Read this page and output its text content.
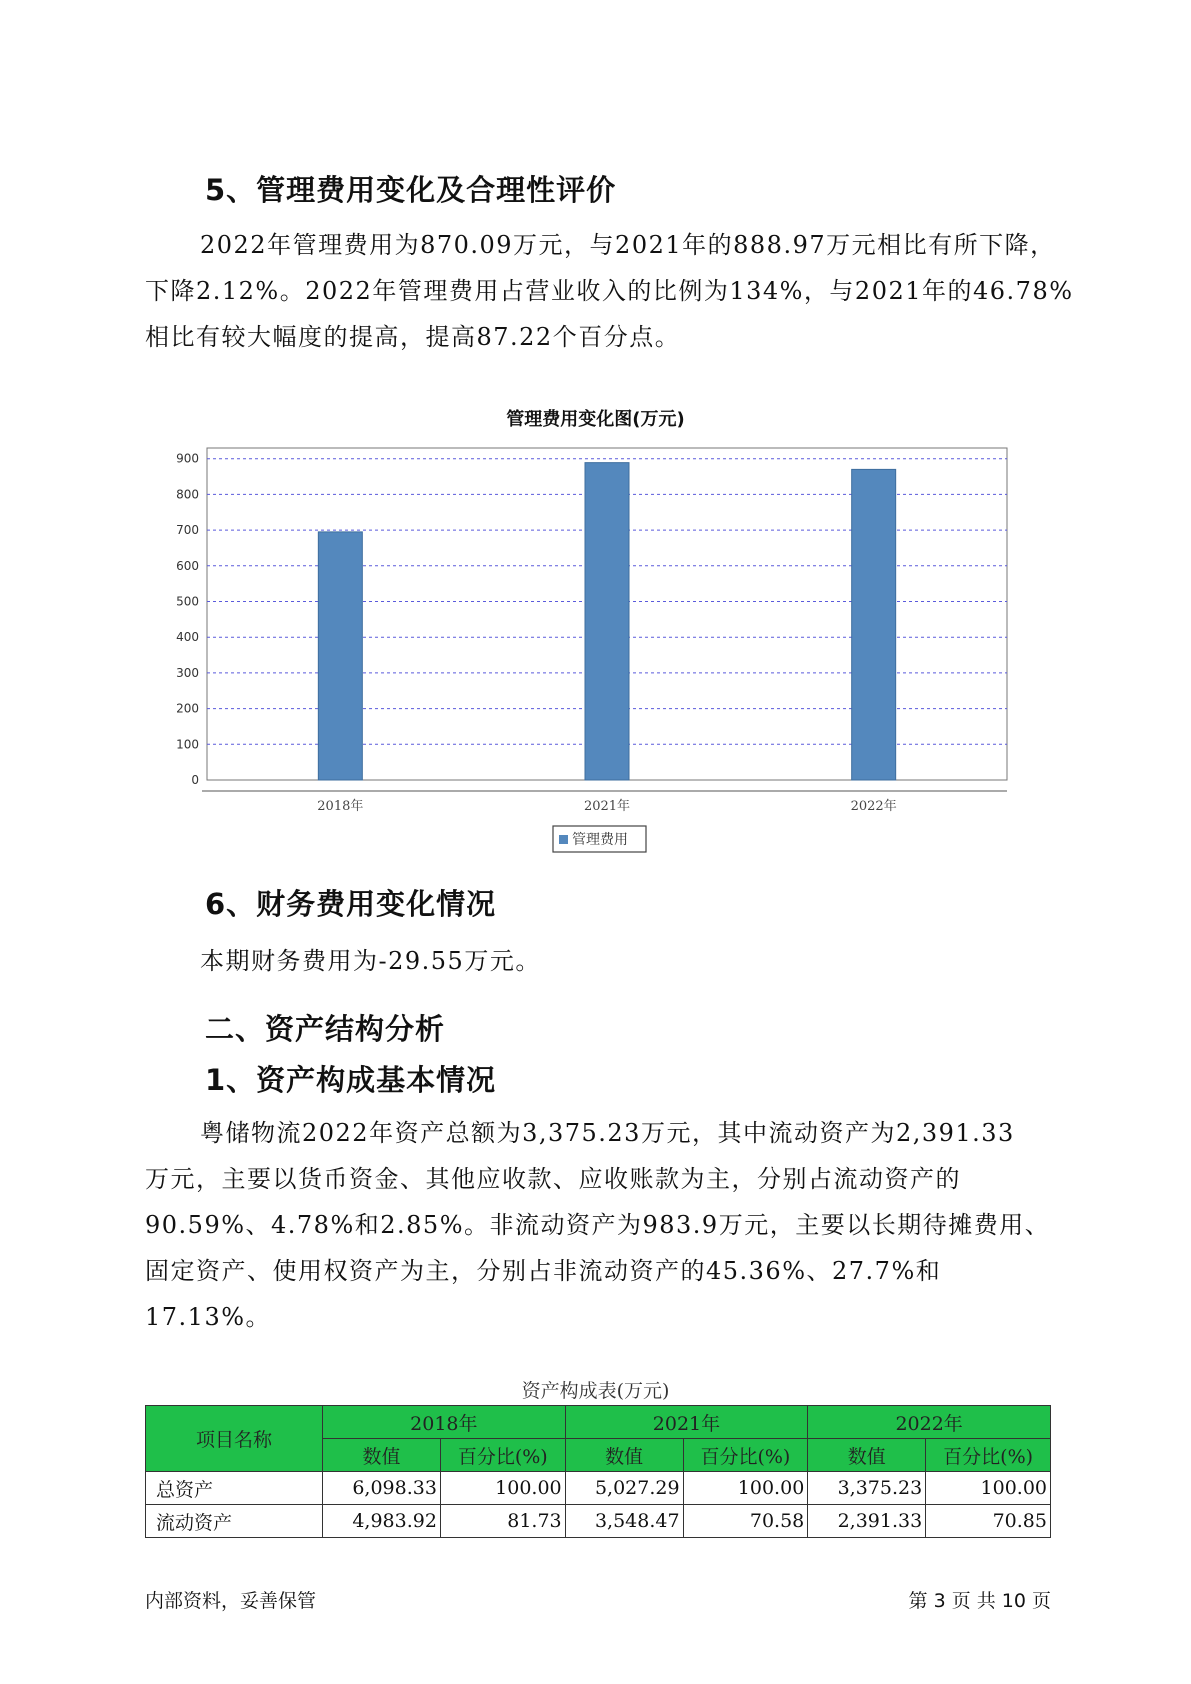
5、管理费用变化及合理性评价

2022年管理费用为870.09万元，与2021年的888.97万元相比有所下降，
下降2.12%。2022年管理费用占营业收入的比例为134%，与2021年的46.78%
相比有较大幅度的提高，提高87.22个百分点。

管理费用变化图(万元)
0
100
200
300
400
500
600
700
800
900
2018年	2021年	2022年
管理费用
6、财务费用变化情况

本期财务费用为-29.55万元。

二、资产结构分析
1、资产构成基本情况

粤储物流2022年资产总额为3,375.23万元，其中流动资产为2,391.33
万元，主要以货币资金、其他应收款、应收账款为主，分别占流动资产的
90.59%、4.78%和2.85%。非流动资产为983.9万元，主要以长期待摊费用、
固定资产、使用权资产为主，分别占非流动资产的45.36%、27.7%和
17.13%。

资产构成表(万元)
项目名称	2018年		2021年		2022年	
	数值	百分比(%)	数值	百分比(%)	数值	百分比(%)
总资产	6,098.33	100.00	5,027.29	100.00	3,375.23	100.00
流动资产	4,983.92	81.73	3,548.47	70.58	2,391.33	70.85
内部资料，妥善保管	第 3 页 共 10 页
